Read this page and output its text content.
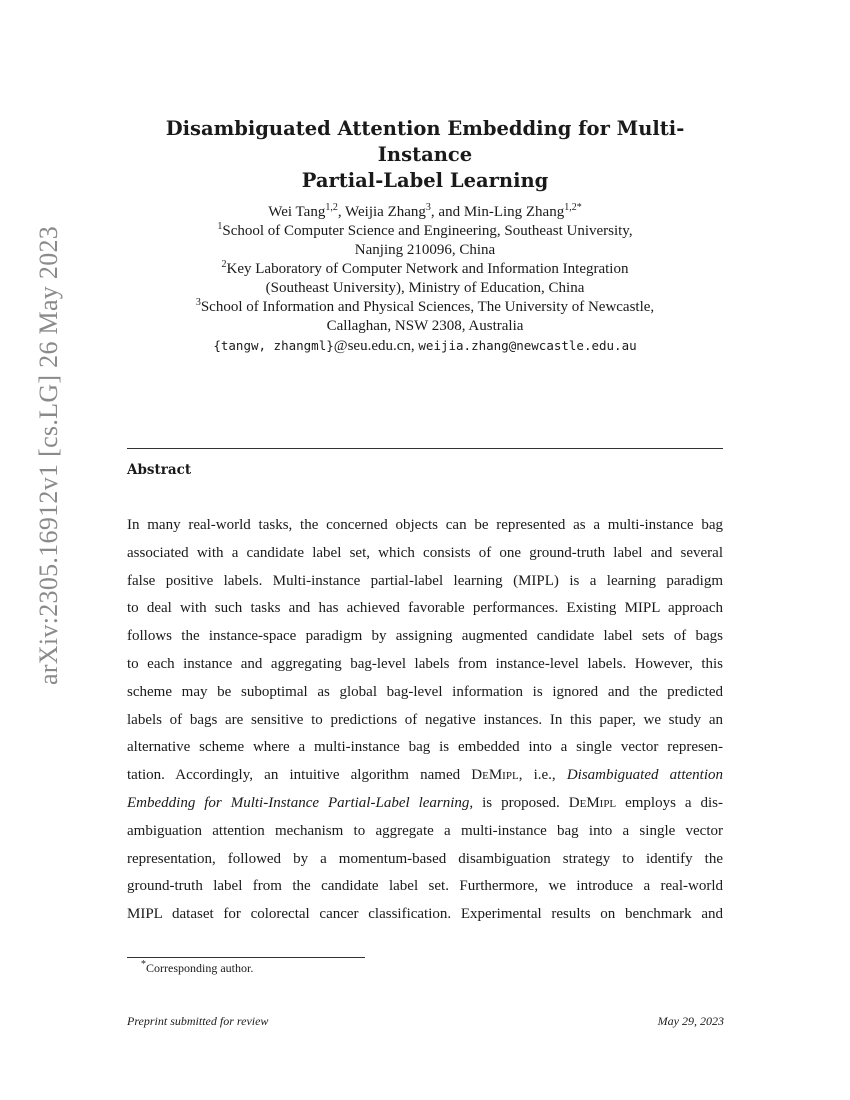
arXiv:2305.16912v1 [cs.LG] 26 May 2023
Disambiguated Attention Embedding for Multi-Instance
Partial-Label Learning
Wei Tang$^{1,2}$, Weijia Zhang$^3$, and Min-Ling Zhang$^{1,2*}$
$^1$School of Computer Science and Engineering, Southeast University,
Nanjing 210096, China
$^2$Key Laboratory of Computer Network and Information Integration
(Southeast University), Ministry of Education, China
$^3$School of Information and Physical Sciences, The University of Newcastle,
Callaghan, NSW 2308, Australia
{tangw, zhangml}@seu.edu.cn, weijia.zhang@newcastle.edu.au
Abstract
In many real-world tasks, the concerned objects can be represented as a multi-instance bag
associated with a candidate label set, which consists of one ground-truth label and several
false positive labels. Multi-instance partial-label learning (MIPL) is a learning paradigm
to deal with such tasks and has achieved favorable performances. Existing MIPL approach
follows the instance-space paradigm by assigning augmented candidate label sets of bags
to each instance and aggregating bag-level labels from instance-level labels. However, this
scheme may be suboptimal as global bag-level information is ignored and the predicted
labels of bags are sensitive to predictions of negative instances. In this paper, we study an
alternative scheme where a multi-instance bag is embedded into a single vector represen-
tation. Accordingly, an intuitive algorithm named DeMipl, i.e., Disambiguated attention
Embedding for Multi-Instance Partial-Label learning, is proposed. DeMipl employs a dis-
ambiguation attention mechanism to aggregate a multi-instance bag into a single vector
representation, followed by a momentum-based disambiguation strategy to identify the
ground-truth label from the candidate label set. Furthermore, we introduce a real-world
MIPL dataset for colorectal cancer classification. Experimental results on benchmark and
*Corresponding author.
Preprint submitted for review	May 29, 2023
